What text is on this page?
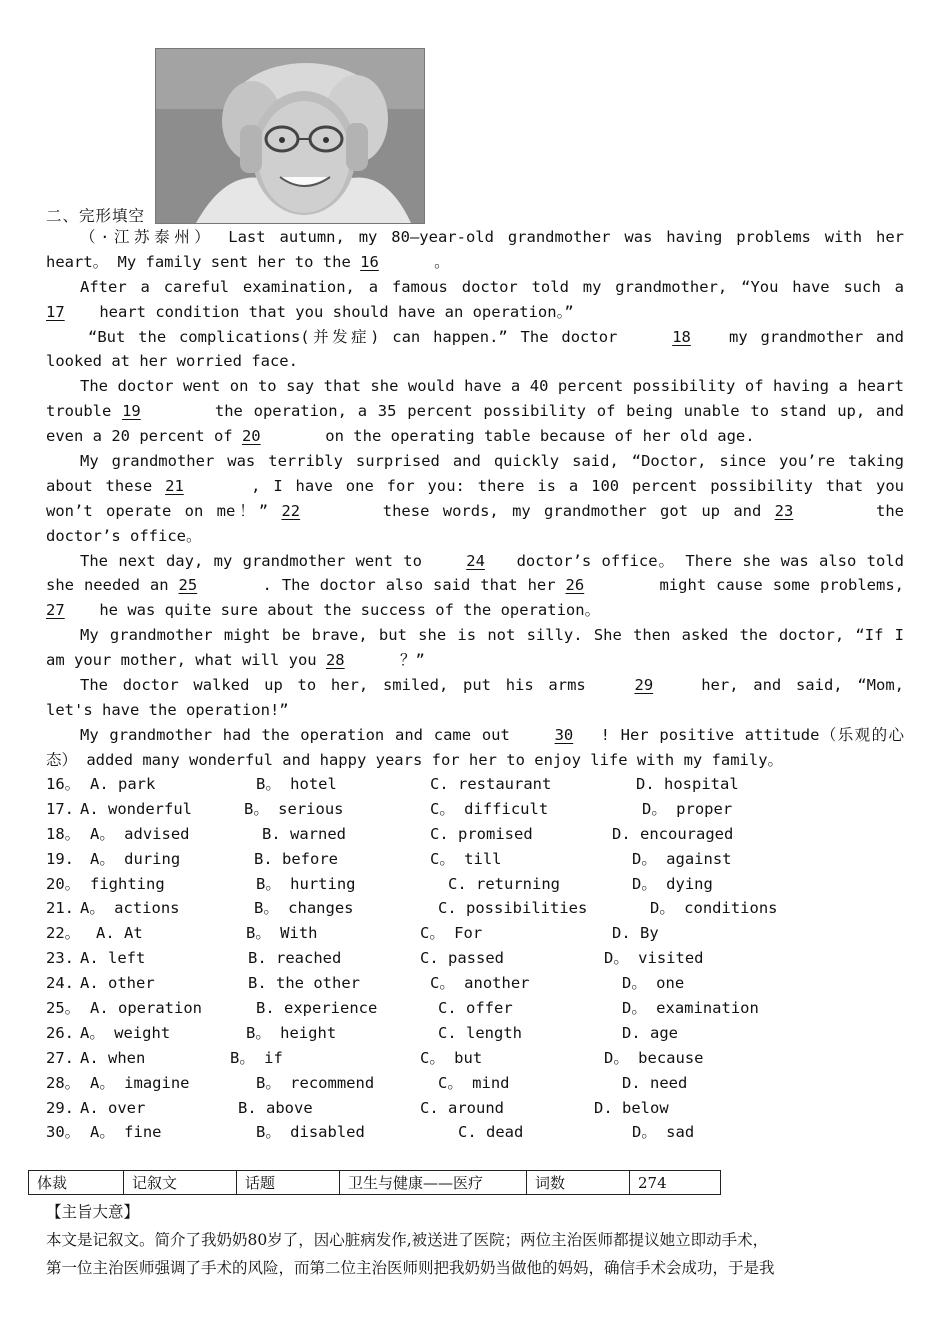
二、完形填空
（·江苏泰州） Last autumn, my 80—year-old grandmother was having problems with her
heart。 My family sent her to the 16	。
After a careful examination, a famous doctor told my grandmother, “You have such a
17 heart condition that you should have an operation。”
“But the complications(并发症) can happen.” The doctor	18 my grandmother and
looked at her worried face.
The doctor went on to say that she would have a 40 percent possibility of having a heart
trouble 19	the operation, a 35 percent possibility of being unable to stand up, and
even a 20 percent of 20	on the operating table because of her old age.
My grandmother was terribly surprised and quickly said, “Doctor, since you’re taking
about these 21	, I have one for you: there is a 100 percent possibility that you
won’t operate on me！” 22	these words, my grandmother got up and 23	the
doctor’s office。
The next day, my grandmother went to 24 doctor’s office。 There she was also told
she needed an 25	. The doctor also said that her 26	might cause some problems,
27 he was quite sure about the success of the operation。
My grandmother might be brave, but she is not silly. She then asked the doctor, “If I
am your mother, what will you 28	？”
The doctor walked up to her, smiled, put his arms 29 her, and said, “Mom,
let's have the operation!”
My grandmother had the operation and came out 30 ! Her positive attitude（乐观的心
态） added many wonderful and happy years for her to enjoy life with my family。
16。 A. park	B。 hotel	C. restaurant	D. hospital
17. A. wonderful	B。 serious	C。 difficult	D。 proper
18。 A。 advised	B. warned	C. promised	D. encouraged
19. A。 during	B. before	C。 till	D。 against
20。 fighting	B。 hurting	C. returning	D。 dying
21. A。 actions	B。 changes	C. possibilities	D。 conditions
22。 A. At	B。 With	C。 For	D. By
23. A. left	B. reached	C. passed	D。 visited
24. A. other	B. the other	C。 another	D。 one
25。 A. operation	B. experience	C. offer	D。 examination
26. A。 weight	B。 height	C. length	D. age
27. A. when	B。 if	C。 but	D。 because
28。 A。 imagine	B。 recommend	C。 mind	D. need
29. A. over	B. above	C. around	D. below
30。 A。 fine	B。 disabled	C. dead	D。 sad
体裁	记叙文	话题	卫生与健康——医疗	词数	274
【主旨大意】
本文是记叙文。简介了我奶奶80岁了，因心脏病发作,被送进了医院；两位主治医师都提议她立即动手术，
第一位主治医师强调了手术的风险，而第二位主治医师则把我奶奶当做他的妈妈，确信手术会成功，于是我
